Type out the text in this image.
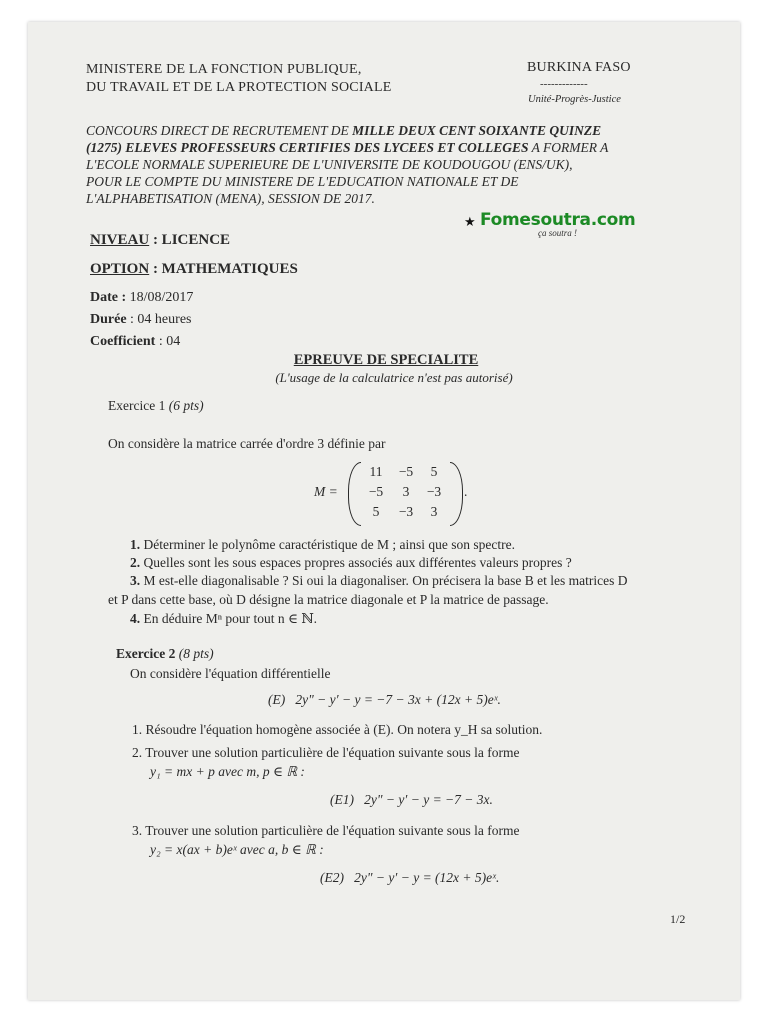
MINISTERE DE LA FONCTION PUBLIQUE,
DU TRAVAIL ET DE LA PROTECTION SOCIALE
BURKINA FASO
-------------
Unité-Progrès-Justice
CONCOURS DIRECT DE RECRUTEMENT DE MILLE DEUX CENT SOIXANTE QUINZE
(1275) ELEVES PROFESSEURS CERTIFIES DES LYCEES ET COLLEGES A FORMER A
L'ECOLE NORMALE SUPERIEURE DE L'UNIVERSITE DE KOUDOUGOU (ENS/UK),
POUR LE COMPTE DU MINISTERE DE L'EDUCATION NATIONALE ET DE
L'ALPHABETISATION (MENA), SESSION DE 2017.
★ Fomesoutra.com
ça soutra !
NIVEAU : LICENCE
OPTION : MATHEMATIQUES
Date : 18/08/2017
Durée : 04 heures
Coefficient : 04
EPREUVE DE SPECIALITE
(L'usage de la calculatrice n'est pas autorisé)
Exercice 1 (6 pts)
On considère la matrice carrée d'ordre 3 définie par
M =
11	−5	5
−5	3	−3
5	−3	3
.
1. Déterminer le polynôme caractéristique de M ; ainsi que son spectre.
2. Quelles sont les sous espaces propres associés aux différentes valeurs propres ?
3. M est-elle diagonalisable ? Si oui la diagonaliser. On précisera la base B et les matrices D
et P dans cette base, où D désigne la matrice diagonale et P la matrice de passage.
4. En déduire Mⁿ pour tout n ∈ ℕ.
Exercice 2 (8 pts)
On considère l'équation différentielle
(E) 2y" − y′ − y = −7 − 3x + (12x + 5)eˣ.
1. Résoudre l'équation homogène associée à (E). On notera y_H sa solution.
2. Trouver une solution particulière de l'équation suivante sous la forme
y₁ = mx + p avec m, p ∈ ℝ :
(E1) 2y" − y′ − y = −7 − 3x.
3. Trouver une solution particulière de l'équation suivante sous la forme
y₂ = x(ax + b)eˣ avec a, b ∈ ℝ :
(E2) 2y" − y′ − y = (12x + 5)eˣ.
1/2
